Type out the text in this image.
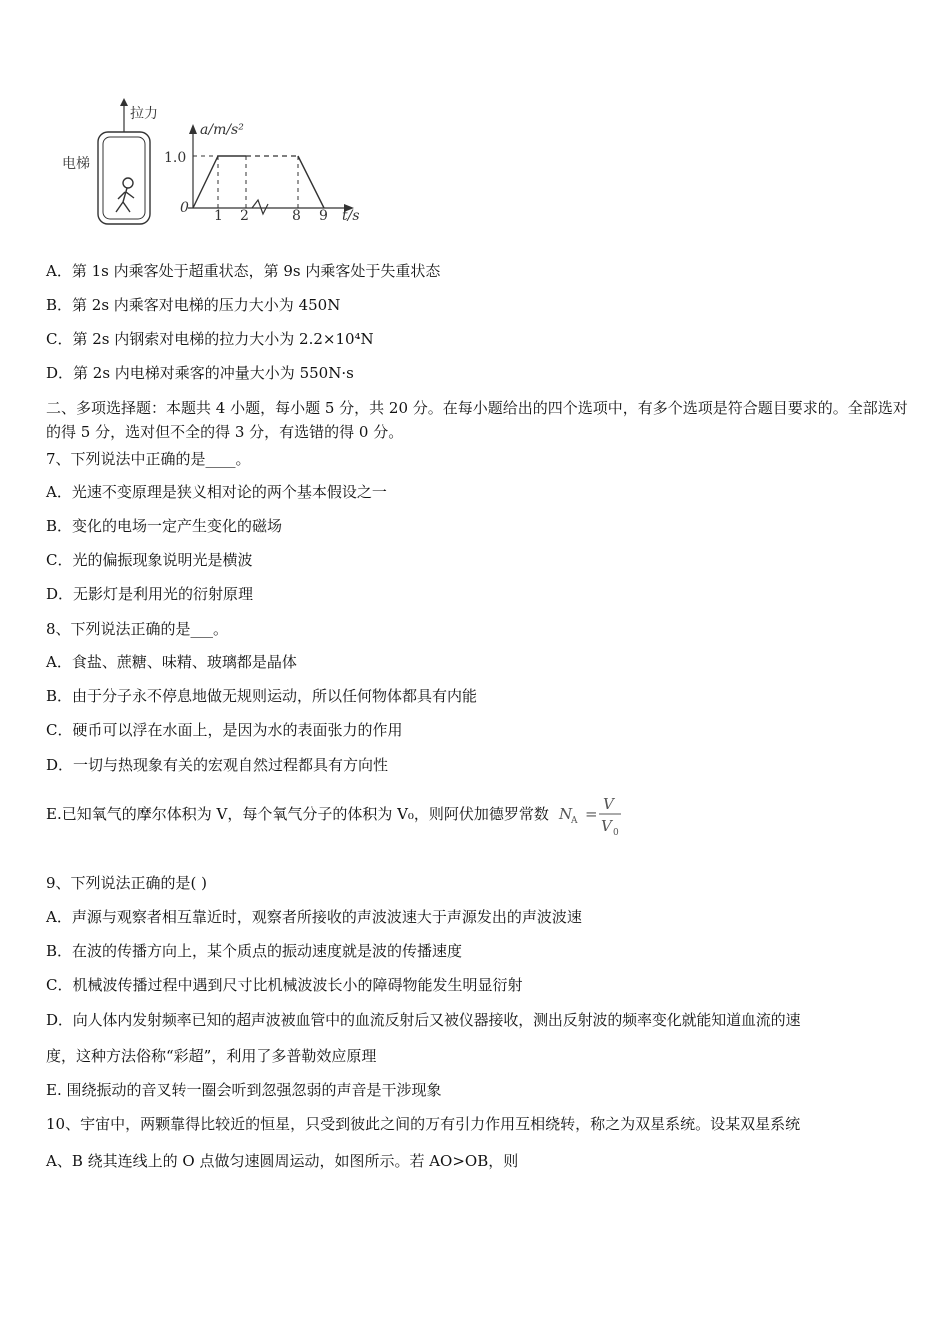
拉力
电梯
a/m/s²
1.0
0 1 2	8 9 t/s
A．第 1s 内乘客处于超重状态，第 9s 内乘客处于失重状态
B．第 2s 内乘客对电梯的压力大小为 450N
C．第 2s 内钢索对电梯的拉力大小为 2.2×10⁴N
D．第 2s 内电梯对乘客的冲量大小为 550N·s
二、多项选择题：本题共 4 小题，每小题 5 分，共 20 分。在每小题给出的四个选项中，有多个选项是符合题目要求的。全部选对的得 5 分，选对但不全的得 3 分，有选错的得 0 分。
7、下列说法中正确的是____。
A．光速不变原理是狭义相对论的两个基本假设之一
B．变化的电场一定产生变化的磁场
C．光的偏振现象说明光是横波
D．无影灯是利用光的衍射原理
8、下列说法正确的是___。
A．食盐、蔗糖、味精、玻璃都是晶体
B．由于分子永不停息地做无规则运动，所以任何物体都具有内能
C．硬币可以浮在水面上，是因为水的表面张力的作用
D．一切与热现象有关的宏观自然过程都具有方向性
E.已知氧气的摩尔体积为 V，每个氧气分子的体积为 V₀，则阿伏加德罗常数 N
A =
V
V 0
9、下列说法正确的是( )
A．声源与观察者相互靠近时，观察者所接收的声波波速大于声源发出的声波波速
B．在波的传播方向上，某个质点的振动速度就是波的传播速度
C．机械波传播过程中遇到尺寸比机械波波长小的障碍物能发生明显衍射
D．向人体内发射频率已知的超声波被血管中的血流反射后又被仪器接收，测出反射波的频率变化就能知道血流的速
度，这种方法俗称“彩超”，利用了多普勒效应原理
E. 围绕振动的音叉转一圈会听到忽强忽弱的声音是干涉现象
10、宇宙中，两颗靠得比较近的恒星，只受到彼此之间的万有引力作用互相绕转，称之为双星系统。设某双星系统
A、B 绕其连线上的 O 点做匀速圆周运动，如图所示。若 AO>OB，则
